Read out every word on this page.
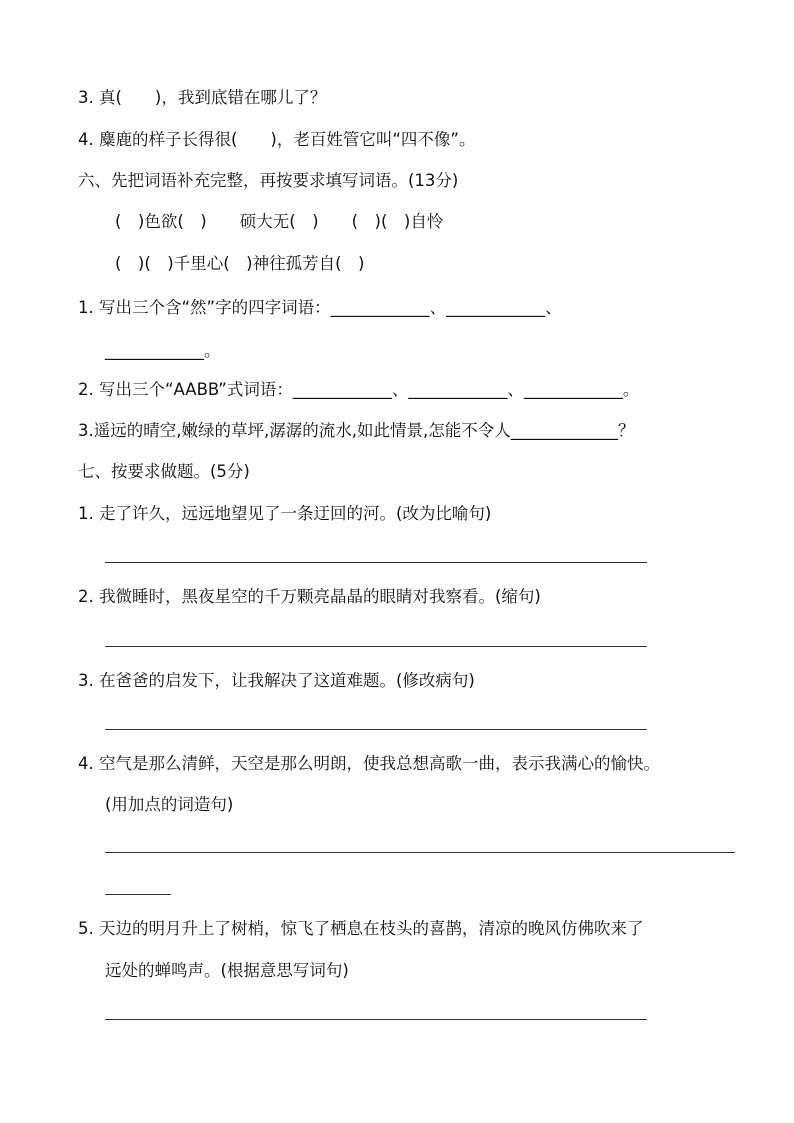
3. 真(　　)，我到底错在哪儿了？
4. 麋鹿的样子长得很(　　)，老百姓管它叫“四不像”。
六、先把词语补充完整，再按要求填写词语。(13分)
(　)色欲(　)　　硕大无(　)　　(　)(　)自怜
(　)(　)千里心(　)神往孤芳自(　)
1. 写出三个含“然”字的四字词语：____________、____________、
____________。
2. 写出三个“AABB”式词语：____________、____________、____________。
3.遥远的晴空,嫩绿的草坪,潺潺的流水,如此情景,怎能不令人_____________？
七、按要求做题。(5分)
1. 走了许久，远远地望见了一条迂回的河。(改为比喻句)
2. 我微睡时，黑夜星空的千万颗亮晶晶的眼睛对我察看。(缩句)
3. 在爸爸的启发下，让我解决了这道难题。(修改病句)
4. 空气是那么清鲜，天空是那么明朗，使我总想高歌一曲，表示我满心的愉快。
(用加点的词造句)
5. 天边的明月升上了树梢，惊飞了栖息在枝头的喜鹊，清凉的晚风仿佛吹来了
远处的蝉鸣声。(根据意思写词句)
